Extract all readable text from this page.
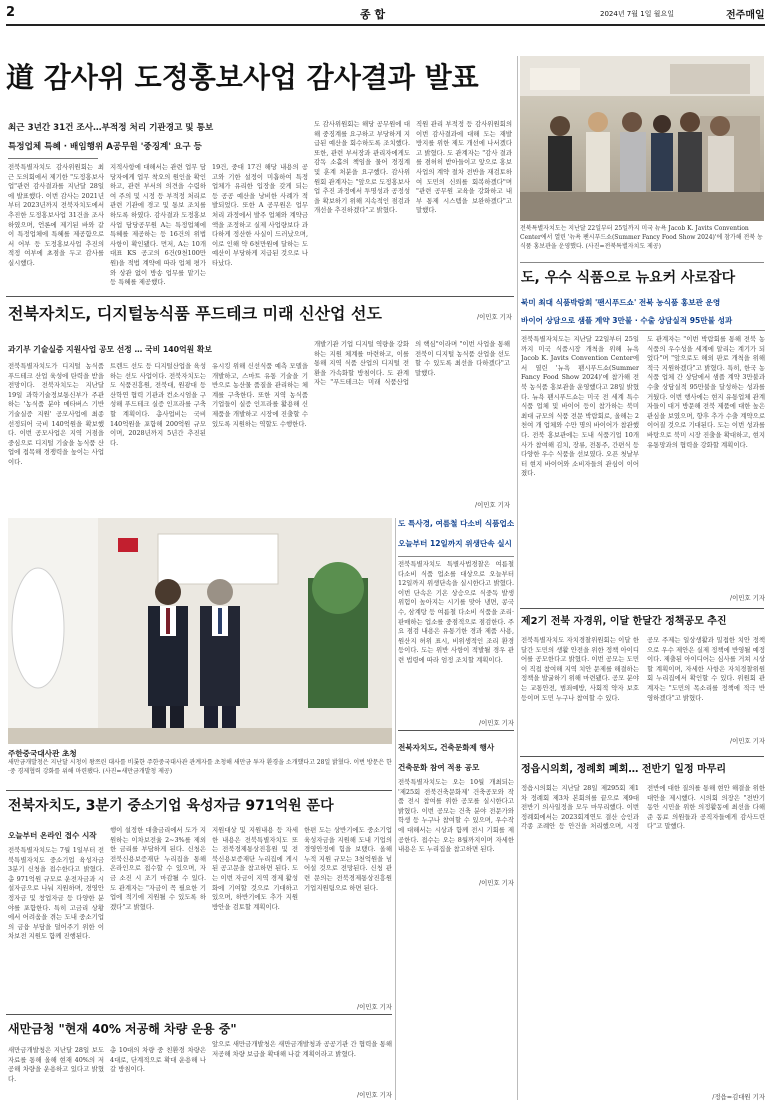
2	종 합	2024년 7월 1일 월요일	전주매일
道 감사위 도정홍보사업 감사결과 발표
최근 3년간 31건 조사…부적정 처리 기관경고 및 통보
특정업체 특혜 · 배임행위 A공무원 '중징계' 요구 등
전북특별자치도 감사위원회는 최근 도의회에서 제기한 "도정홍보사업"관련 감사결과를 지난달 28일에 발표했다. 이번 감사는 2021년부터 2023년까지 전북자치도에서 추진한 도정홍보사업 31건을 조사하였으며, 언론에 제기된 바와 같이 특정업체에 특혜를 제공함으로서 어부 등 도정홍보사업 추진의 적정 여부에 초점을 두고 감사를 실시했다.
지적사항에 대해서는 관련 업무 담당자에게 업무 착오의 원인을 확인하고, 관련 부서의 의견을 수렴하여 주의 및 시정 등 부적정 처리로 관련 기관에 경고 및 통보 조치를 하도록 하였다. 감사결과 도정홍보사업 담당공무원 A는 특정업체에 특혜를 제공하는 등 16건의 위법사항이 확인됐다. 먼저, A는 10개 대표 KS 공고의 6건(9천100만원)을 적법 계약에 따라 업체 평가와 상관 없이 방송 업무를 맡기는 등 특혜를 제공했다.
19건, 중대 17건 해당 내용의 공고와 기한 설정이 미흡하여 특정 업체가 유리한 입장을 갖게 되는 등 공공 예산을 낭비한 사례가 적발되었다. 또한 A 공무원은 업무 처리 과정에서 발주 업체와 계약금액을 조정하고 실제 사업량보다 과다하게 정산한 사실이 드러났으며, 이로 인해 약 6천만원에 달하는 도 예산이 부당하게 지급된 것으로 나타났다.
도 감사위원회는 해당 공무원에 대해 중징계를 요구하고 부당하게 지급된 예산을 회수하도록 조치했다. 또한, 관련 부서장과 관리자에게도 감독 소홀의 책임을 물어 경징계 및 훈계 처분을 요구했다. 감사위원회 관계자는 "앞으로 도정홍보사업 추진 과정에서 투명성과 공정성을 확보하기 위해 지속적인 점검과 개선을 추진하겠다"고 밝혔다.
직원 관리 부적정 등 감사위원회의 이번 감사결과에 대해 도는 재발 방지를 위한 제도 개선에 나서겠다고 밝혔다. 도 관계자는 "감사 결과를 겸허히 받아들이고 앞으로 홍보사업의 계약 절차 전반을 재검토하여 도민의 신뢰를 회복하겠다"며 "관련 공무원 교육을 강화하고 내부 통제 시스템을 보완하겠다"고 말했다.
/이민호 기자
전북특별자치도는 지난달 22일부터 25일까지 미국 뉴욕 Jacob K. Javits Convention Center에서 열린 '뉴욕 팬시푸드쇼(Summer Fancy Food Show 2024)'에 참가해 전북 농식품 홍보관을 운영했다. (사진=전북특별자치도 제공)
도, 우수 식품으로 뉴요커 사로잡다
북미 최대 식품박람회 '팬시푸드쇼' 전북 농식품 홍보관 운영
바이어 상담으로 샘플 계약 3만불 · 수출 상담실적 95만불 성과
전북특별자치도는 지난달 22일부터 25일까지 미국 식품시장 개척을 위해 뉴욕 Jacob K. Javits Convention Center에서 열린 '뉴욕 팬시푸드쇼(Summer Fancy Food Show 2024)'에 참가해 전북 농식품 홍보관을 운영했다고 28일 밝혔다. 뉴욕 팬시푸드쇼는 미국 전 세계 특수 식품 업체 및 바이어 등이 참가하는 북미 최대 규모의 식품 전문 박람회로, 올해는 2천여 개 업체와 수만 명의 바이어가 참관했다. 전북 홍보관에는 도내 식품기업 10개사가 참여해 김치, 장류, 전통주, 간편식 등 다양한 우수 식품을 선보였다. 오픈 첫날부터 현지 바이어와 소비자들의 관심이 이어졌다.
도 관계자는 "이번 박람회를 통해 전북 농식품의 우수성을 세계에 알리는 계기가 되었다"며 "앞으로도 해외 판로 개척을 위해 적극 지원하겠다"고 밝혔다. 특히, 한국 농식품 업체 간 상담에서 샘플 계약 3만불과 수출 상담실적 95만불을 달성하는 성과를 거뒀다. 이번 행사에는 현지 유통업체 관계자들이 대거 방문해 전북 제품에 대한 높은 관심을 보였으며, 향후 추가 수출 계약으로 이어질 것으로 기대된다. 도는 이번 성과를 바탕으로 북미 시장 진출을 확대하고, 현지 유통망과의 협력을 강화할 계획이다.
/이민호 기자
전북자치도, 디지털농식품 푸드테크 미래 신산업 선도
과기부 기술실증 지원사업 공모 선정 … 국비 140억원 확보
전북특별자치도가 디지털 농식품 푸드테크 산업 육성에 탄력을 받을 전망이다. 전북자치도는 지난달 19일 과학기술정보통신부가 주관하는 '농식품 분야 메타버스 기반 기술실증 지원' 공모사업에 최종 선정되어 국비 140억원을 확보했다. 이번 공모사업은 지역 거점을 중심으로 디지털 기술을 농식품 산업에 접목해 경쟁력을 높이는 사업이다.
트렌드 선도 등 디지털산업을 육성하는 선도 사업이다. 전북자치도는 도 식품진흥원, 전북대, 원광대 등 산학연 협력 기관과 컨소시엄을 구성해 푸드테크 실증 인프라를 구축할 계획이다. 총사업비는 국비 140억원을 포함해 200억원 규모이며, 2028년까지 5년간 추진된다.
유시킹 위해 신선식품 예측 모델을 개발하고, 스마트 유통 기술을 기반으로 농산물 품질을 관리하는 체계를 구축한다. 또한 지역 농식품 기업들이 실증 인프라를 활용해 신제품을 개발하고 시장에 진출할 수 있도록 지원하는 역할도 수행한다.
개발기관 기업 디지털 역량을 강화하는 지원 체계를 마련하고, 이를 통해 지역 식품 산업의 디지털 전환을 가속화할 방침이다. 도 관계자는 "푸드테크는 미래 식품산업의 핵심"이라며 "이번 사업을 통해 전북이 디지털 농식품 산업을 선도할 수 있도록 최선을 다하겠다"고 말했다.
/이민호 기자
주한중국대사관 초청
새만금개발청은 지난달 시청이 왕쯔린 대사를 비롯한 주한중국대사관 관계자를 초청해 새만금 투자 환경을 소개했다고 28일 밝혔다. 이번 방문은 한·중 경제협력 강화를 위해 마련됐다. (사진=새만금개발청 제공)
도 특사경, 여름철 다소비 식품업소
오늘부터 12일까지 위생단속 실시
전북특별자치도 특별사법경찰은 여름철 다소비 식품 업소를 대상으로 오늘부터 12일까지 위생단속을 실시한다고 밝혔다. 이번 단속은 기온 상승으로 식중독 발생 위험이 높아지는 시기를 맞아 냉면, 콩국수, 삼계탕 등 여름철 다소비 식품을 조리·판매하는 업소를 중점적으로 점검한다. 주요 점검 내용은 유통기한 경과 제품 사용, 원산지 허위 표시, 비위생적인 조리 환경 등이다. 도는 위반 사항이 적발될 경우 관련 법령에 따라 엄정 조치할 계획이다.
/이민호 기자
제2기 전북 자경위, 이달 한달간 정책공모 추진
전북특별자치도 자치경찰위원회는 이달 한 달간 도민의 생활 안전을 위한 정책 아이디어를 공모한다고 밝혔다. 이번 공모는 도민이 직접 참여해 지역 치안 문제를 해결하는 정책을 발굴하기 위해 마련됐다. 공모 분야는 교통안전, 범죄예방, 사회적 약자 보호 등이며 도민 누구나 참여할 수 있다.
공모 주제는 일상생활과 밀접한 치안 정책으로 우수 제안은 실제 정책에 반영될 예정이다. 제출된 아이디어는 심사를 거쳐 시상할 계획이며, 자세한 사항은 자치경찰위원회 누리집에서 확인할 수 있다. 위원회 관계자는 "도민의 목소리를 정책에 적극 반영하겠다"고 밝혔다.
/이민호 기자
전북자치도, 건축문화제 행사
건축문화 참여 적용 공모
전북특별자치도는 오는 10월 개최되는 '제25회 전북건축문화제' 건축공모와 작품 전시 참여를 위한 공모를 실시한다고 밝혔다. 이번 공모는 건축 분야 전문가와 학생 등 누구나 참여할 수 있으며, 우수작에 대해서는 시상과 함께 전시 기회를 제공한다. 접수는 오는 8월까지이며 자세한 내용은 도 누리집을 참고하면 된다.
/이민호 기자
정읍시의회, 정례회 폐회… 전반기 일정 마무리
정읍시의회는 지난달 28일 제295회 제1차 정례회 제3차 본회의를 끝으로 제9대 전반기 의사일정을 모두 마무리했다. 이번 정례회에서는 2023회계연도 결산 승인과 각종 조례안 등 안건을 처리했으며, 시정 전반에 대한 질의를 통해 현안 해결을 위한 대안을 제시했다. 시의회 의장은 "전반기 동안 시민을 위한 의정활동에 최선을 다해 준 동료 의원들과 공직자들에게 감사드린다"고 말했다.
/정읍=김대원 기자
전북자치도, 3분기 중소기업 육성자금 971억원 푼다
오늘부터 온라인 접수 시작
전북특별자치도는 7월 1일부터 전북특별자치도 중소기업 육성자금 3분기 신청을 접수한다고 밝혔다. 총 971억원 규모로 운전자금과 시설자금으로 나눠 지원하며, 경영안정자금 및 창업자금 등 다양한 분야를 포함한다. 특히 고금리 상황에서 어려움을 겪는 도내 중소기업의 금융 부담을 덜어주기 위한 이차보전 지원도 함께 진행된다.
행이 설정한 대출금리에서 도가 지원하는 이차보전율 2~3%를 제외한 금리를 부담하게 된다. 신청은 전북신용보증재단 누리집을 통해 온라인으로 접수할 수 있으며, 자금 소진 시 조기 마감될 수 있다. 도 관계자는 "자금이 꼭 필요한 기업에 적기에 지원될 수 있도록 하겠다"고 밝혔다.
지원대상 및 지원내용 등 자세한 내용은 전북특별자치도 또는 전북경제통상진흥원 및 전북신용보증재단 누리집에 게시된 공고문을 참고하면 된다. 도는 이번 자금이 지역 경제 활성화에 기여할 것으로 기대하고 있으며, 하반기에도 추가 지원 방안을 검토할 계획이다.
한편 도는 상반기에도 중소기업 육성자금을 지원해 도내 기업의 경영안정에 힘을 보탰다. 올해 누적 지원 규모는 3천억원을 넘어설 것으로 전망된다. 신청 관련 문의는 전북경제통상진흥원 기업지원팀으로 하면 된다.
/이민호 기자
새만금청 "현재 40% 저공해 차량 운용 중"
새만금개발청은 지난달 28일 보도자료를 통해 올해 현재 40%의 저공해 차량을 운용하고 있다고 밝혔다.
총 10대의 차량 중 친환경 차량은 4대로, 단계적으로 확대 운용해 나갈 방침이다.
앞으로 새만금개발청은 새만금개발청과 공공기관 간 협력을 통해 저공해 차량 보급을 확대해 나갈 계획이라고 밝혔다.
/이민호 기자
